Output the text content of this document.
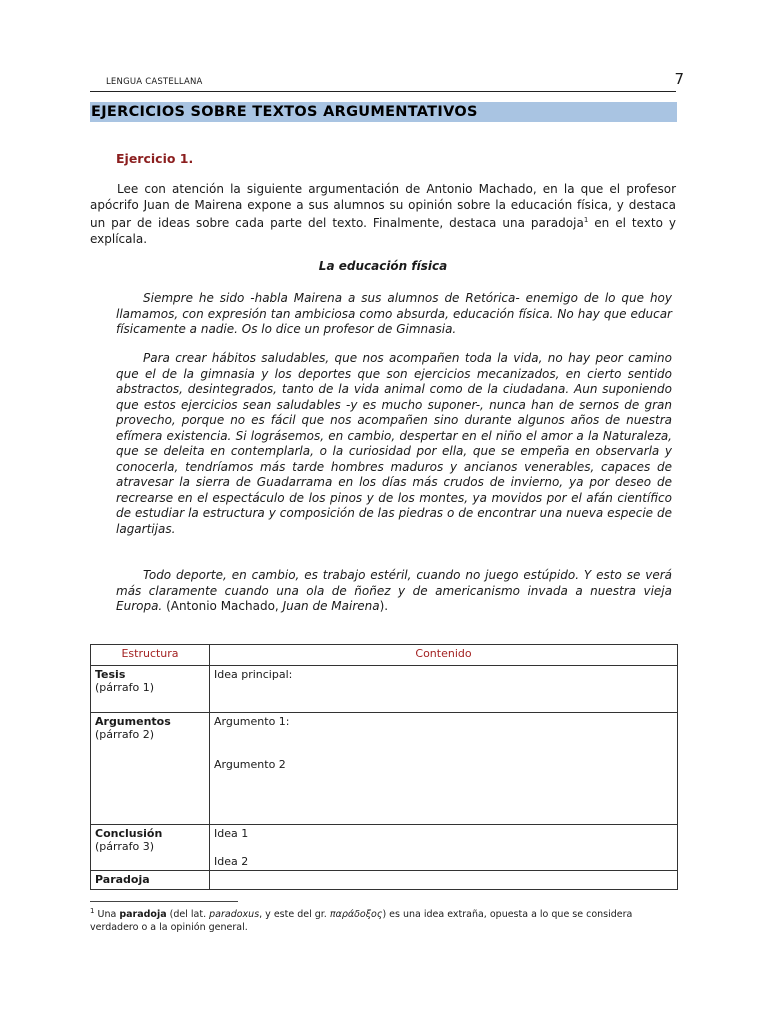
LENGUA CASTELLANA	7
EJERCICIOS SOBRE TEXTOS ARGUMENTATIVOS
Ejercicio 1.

Lee con atención la siguiente argumentación de Antonio Machado, en la que el profesor apócrifo Juan de Mairena expone a sus alumnos su opinión sobre la educación física, y destaca un par de ideas sobre cada parte del texto. Finalmente, destaca una paradoja$^1$ en el texto y explícala.

La educación física

Siempre he sido -habla Mairena a sus alumnos de Retórica- enemigo de lo que hoy llamamos, con expresión tan ambiciosa como absurda, educación física. No hay que educar físicamente a nadie. Os lo dice un profesor de Gimnasia.

Para crear hábitos saludables, que nos acompañen toda la vida, no hay peor camino que el de la gimnasia y los deportes que son ejercicios mecanizados, en cierto sentido abstractos, desintegrados, tanto de la vida animal como de la ciudadana. Aun suponiendo que estos ejercicios sean saludables -y es mucho suponer-, nunca han de sernos de gran provecho, porque no es fácil que nos acompañen sino durante algunos años de nuestra efímera existencia. Si lográsemos, en cambio, despertar en el niño el amor a la Naturaleza, que se deleita en contemplarla, o la curiosidad por ella, que se empeña en observarla y conocerla, tendríamos más tarde hombres maduros y ancianos venerables, capaces de atravesar la sierra de Guadarrama en los días más crudos de invierno, ya por deseo de recrearse en el espectáculo de los pinos y de los montes, ya movidos por el afán científico de estudiar la estructura y composición de las piedras o de encontrar una nueva especie de lagartijas.

Todo deporte, en cambio, es trabajo estéril, cuando no juego estúpido. Y esto se verá más claramente cuando una ola de ñoñez y de americanismo invada a nuestra vieja Europa. (Antonio Machado, Juan de Mairena).

Estructura	Contenido

Tesis
(párrafo 1)	Idea principal:

Argumentos
(párrafo 2)	Argumento 1:
Argumento 2

Conclusión
(párrafo 3)	Idea 1
Idea 2

Paradoja	

$^1$ Una paradoja (del lat. paradoxus, y este del gr. παράδοξος) es una idea extraña, opuesta a lo que se considera verdadero o a la opinión general.
